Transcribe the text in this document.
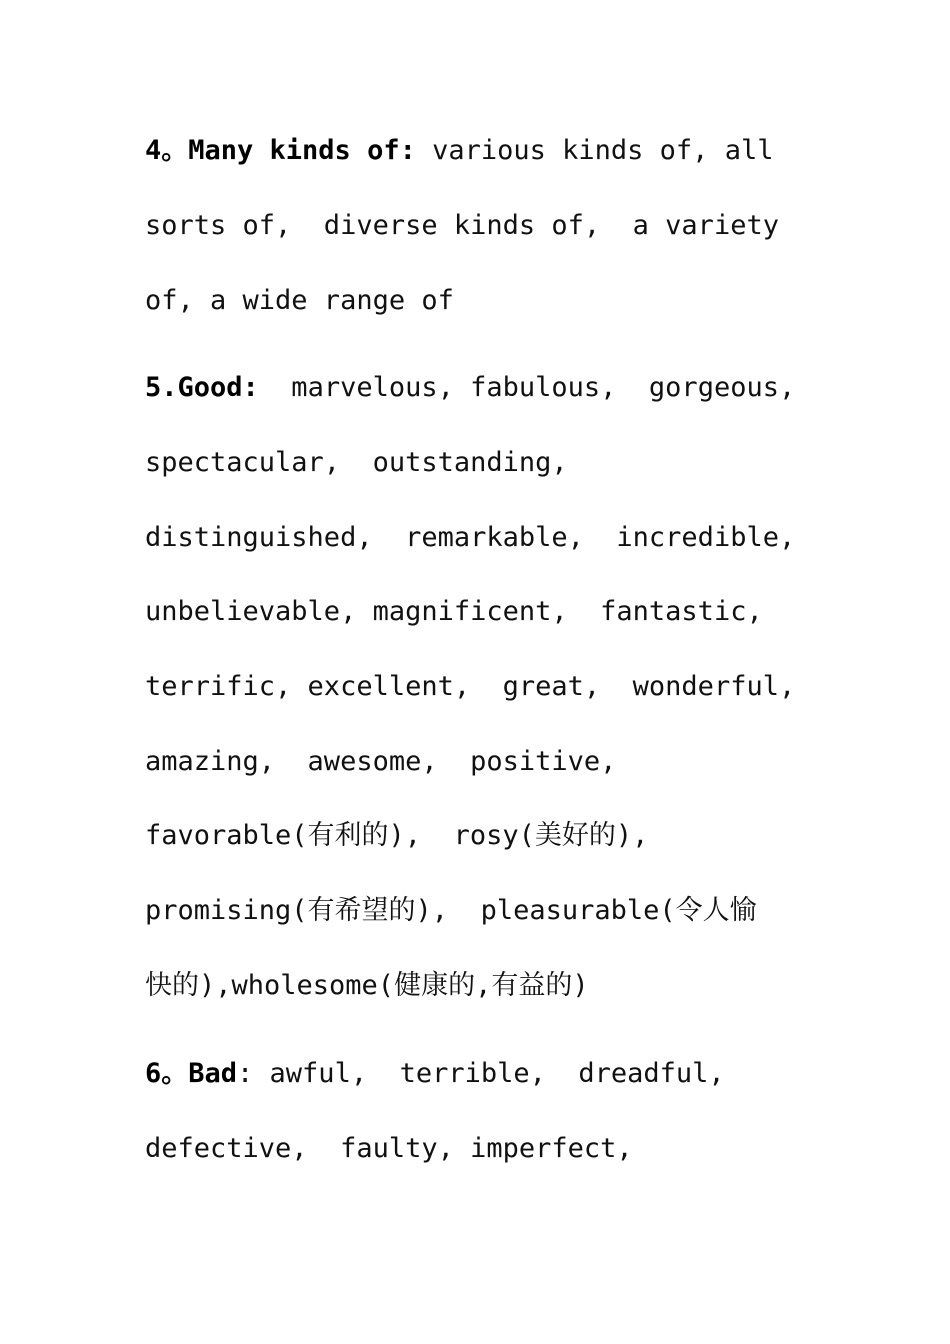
4。Many kinds of: various kinds of, all
sorts of,  diverse kinds of,  a variety
of, a wide range of
5.Good:  marvelous, fabulous,  gorgeous,
spectacular,  outstanding,
distinguished,  remarkable,  incredible,
unbelievable, magnificent,  fantastic,
terrific, excellent,  great,  wonderful,
amazing,  awesome,  positive,
favorable(有利的),  rosy(美好的),
promising(有希望的),  pleasurable(令人愉
快的),wholesome(健康的,有益的)
6。Bad: awful,  terrible,  dreadful,
defective,  faulty, imperfect,
